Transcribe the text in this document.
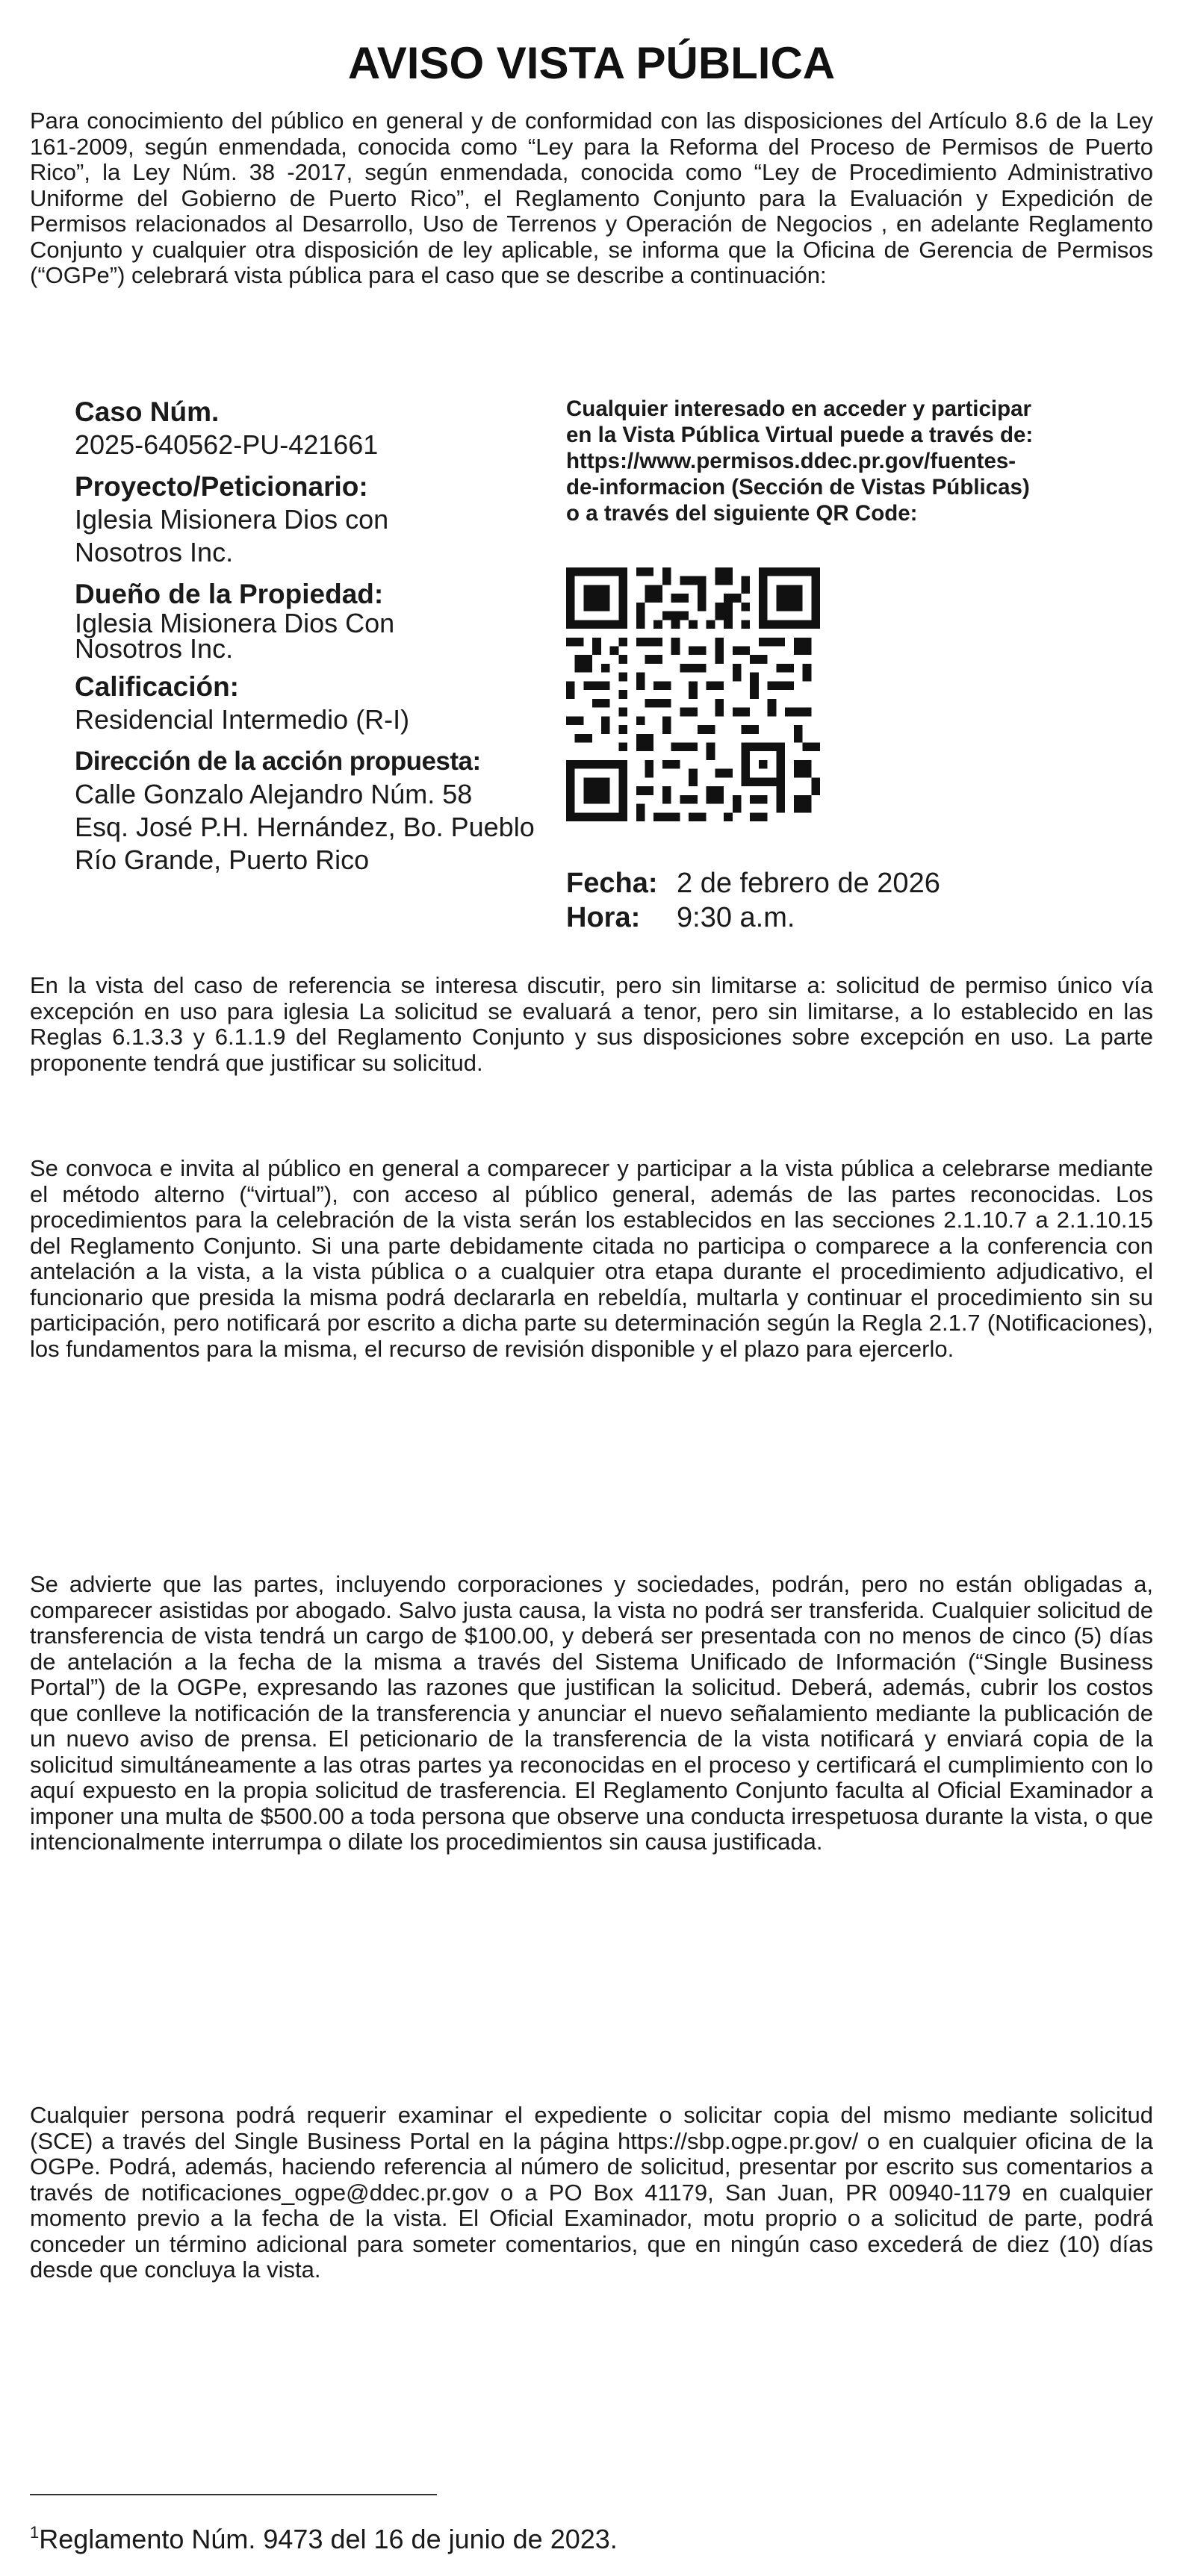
AVISO VISTA PÚBLICA

Para conocimiento del público en general y de conformidad con las disposiciones del Artículo 8.6 de la Ley 161-2009, según enmendada, conocida como “Ley para la Reforma del Proceso de Permisos de Puerto Rico”, la Ley Núm. 38 -2017, según enmendada, conocida como “Ley de Procedimiento Administrativo Uniforme del Gobierno de Puerto Rico”, el Reglamento Conjunto para la Evaluación y Expedición de Permisos relacionados al Desarrollo, Uso de Terrenos y Operación de Negocios , en adelante Reglamento Conjunto y cualquier otra disposición de ley aplicable, se informa que la Oficina de Gerencia de Permisos (“OGPe”) celebrará vista pública para el caso que se describe a continuación:

Caso Núm.

2025-640562-PU-421661

Proyecto/Peticionario:

Iglesia Misionera Dios con

Nosotros Inc.

Dueño de la Propiedad:

Iglesia Misionera Dios Con

Nosotros Inc.

Calificación:

Residencial Intermedio (R-I)

Dirección de la acción propuesta:

Calle Gonzalo Alejandro Núm. 58

Esq. José P.H. Hernández, Bo. Pueblo

Río Grande, Puerto Rico

Cualquier interesado en acceder y participar

en la Vista Pública Virtual puede a través de:

https://www.permisos.ddec.pr.gov/fuentes-

de-informacion (Sección de Vistas Públicas)

o a través del siguiente QR Code:

Fecha: 2 de febrero de 2026
Hora: 9:30 a.m.

En la vista del caso de referencia se interesa discutir, pero sin limitarse a: solicitud de permiso único vía excepción en uso para iglesia La solicitud se evaluará a tenor, pero sin limitarse, a lo establecido en las Reglas 6.1.3.3 y 6.1.1.9 del Reglamento Conjunto y sus disposiciones sobre excepción en uso. La parte proponente tendrá que justificar su solicitud.

Se convoca e invita al público en general a comparecer y participar a la vista pública a celebrarse mediante el método alterno (“virtual”), con acceso al público general, además de las partes reconocidas. Los procedimientos para la celebración de la vista serán los establecidos en las secciones 2.1.10.7 a 2.1.10.15 del Reglamento Conjunto. Si una parte debidamente citada no participa o comparece a la conferencia con antelación a la vista, a la vista pública o a cualquier otra etapa durante el procedimiento adjudicativo, el funcionario que presida la misma podrá declararla en rebeldía, multarla y continuar el procedimiento sin su participación, pero notificará por escrito a dicha parte su determinación según la Regla 2.1.7 (Notificaciones), los fundamentos para la misma, el recurso de revisión disponible y el plazo para ejercerlo.

Se advierte que las partes, incluyendo corporaciones y sociedades, podrán, pero no están obligadas a, comparecer asistidas por abogado. Salvo justa causa, la vista no podrá ser transferida. Cualquier solicitud de transferencia de vista tendrá un cargo de $100.00, y deberá ser presentada con no menos de cinco (5) días de antelación a la fecha de la misma a través del Sistema Unificado de Información (“Single Business Portal”) de la OGPe, expresando las razones que justifican la solicitud. Deberá, además, cubrir los costos que conlleve la notificación de la transferencia y anunciar el nuevo señalamiento mediante la publicación de un nuevo aviso de prensa. El peticionario de la transferencia de la vista notificará y enviará copia de la solicitud simultáneamente a las otras partes ya reconocidas en el proceso y certificará el cumplimiento con lo aquí expuesto en la propia solicitud de trasferencia. El Reglamento Conjunto faculta al Oficial Examinador a imponer una multa de $500.00 a toda persona que observe una conducta irrespetuosa durante la vista, o que intencionalmente interrumpa o dilate los procedimientos sin causa justificada.

Cualquier persona podrá requerir examinar el expediente o solicitar copia del mismo mediante solicitud (SCE) a través del Single Business Portal en la página https://sbp.ogpe.pr.gov/ o en cualquier oficina de la OGPe. Podrá, además, haciendo referencia al número de solicitud, presentar por escrito sus comentarios a través de notificaciones_ogpe@ddec.pr.gov o a PO Box 41179, San Juan, PR 00940-1179 en cualquier momento previo a la fecha de la vista. El Oficial Examinador, motu proprio o a solicitud de parte, podrá conceder un término adicional para someter comentarios, que en ningún caso excederá de diez (10) días desde que concluya la vista.

$^1$Reglamento Núm. 9473 del 16 de junio de 2023.
